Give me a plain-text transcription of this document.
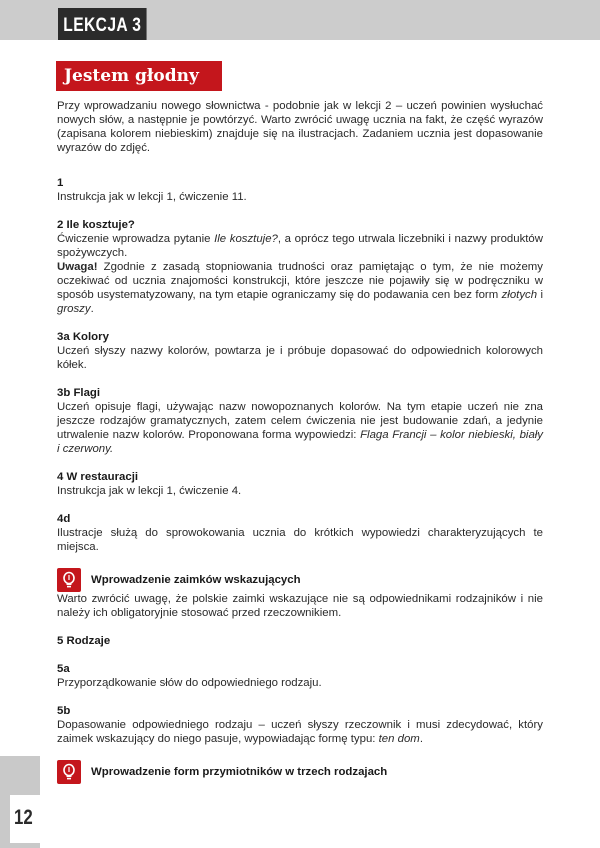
LEKCJA 3
Jestem głodny

Przy wprowadzaniu nowego słownictwa - podobnie jak w lekcji 2 – uczeń powinien wysłuchać nowych słów, a następnie je powtórzyć. Warto zwrócić uwagę ucznia na fakt, że część wyrazów (zapisana kolorem niebieskim) znajduje się na ilustracjach. Zadaniem ucznia jest dopasowanie wyrazów do zdjęć.

1

Instrukcja jak w lekcji 1, ćwiczenie 11.

2 Ile kosztuje?

Ćwiczenie wprowadza pytanie Ile kosztuje?, a oprócz tego utrwala liczebniki i nazwy produktów spożywczych.

Uwaga! Zgodnie z zasadą stopniowania trudności oraz pamiętając o tym, że nie możemy oczekiwać od ucznia znajomości konstrukcji, które jeszcze nie pojawiły się w podręczniku w sposób usystematyzowany, na tym etapie ograniczamy się do podawania cen bez form złotych i groszy.

3a Kolory

Uczeń słyszy nazwy kolorów, powtarza je i próbuje dopasować do odpowiednich kolorowych kółek.

3b Flagi

Uczeń opisuje flagi, używając nazw nowopoznanych kolorów. Na tym etapie uczeń nie zna jeszcze rodzajów gramatycznych, zatem celem ćwiczenia nie jest budowanie zdań, a jedynie utrwalenie nazw kolorów. Proponowana forma wypowiedzi: Flaga Francji – kolor niebieski, biały i czerwony.

4 W restauracji

Instrukcja jak w lekcji 1, ćwiczenie 4.

4d

Ilustracje służą do sprowokowania ucznia do krótkich wypowiedzi charakteryzujących te miejsca.

Wprowadzenie zaimków wskazujących

Warto zwrócić uwagę, że polskie zaimki wskazujące nie są odpowiednikami rodzajników i nie należy ich obligatoryjnie stosować przed rzeczownikiem.

5 Rodzaje

5a

Przyporządkowanie słów do odpowiedniego rodzaju.

5b

Dopasowanie odpowiedniego rodzaju – uczeń słyszy rzeczownik i musi zdecydować, który zaimek wskazujący do niego pasuje, wypowiadając formę typu: ten dom.

Wprowadzenie form przymiotników w trzech rodzajach
12
